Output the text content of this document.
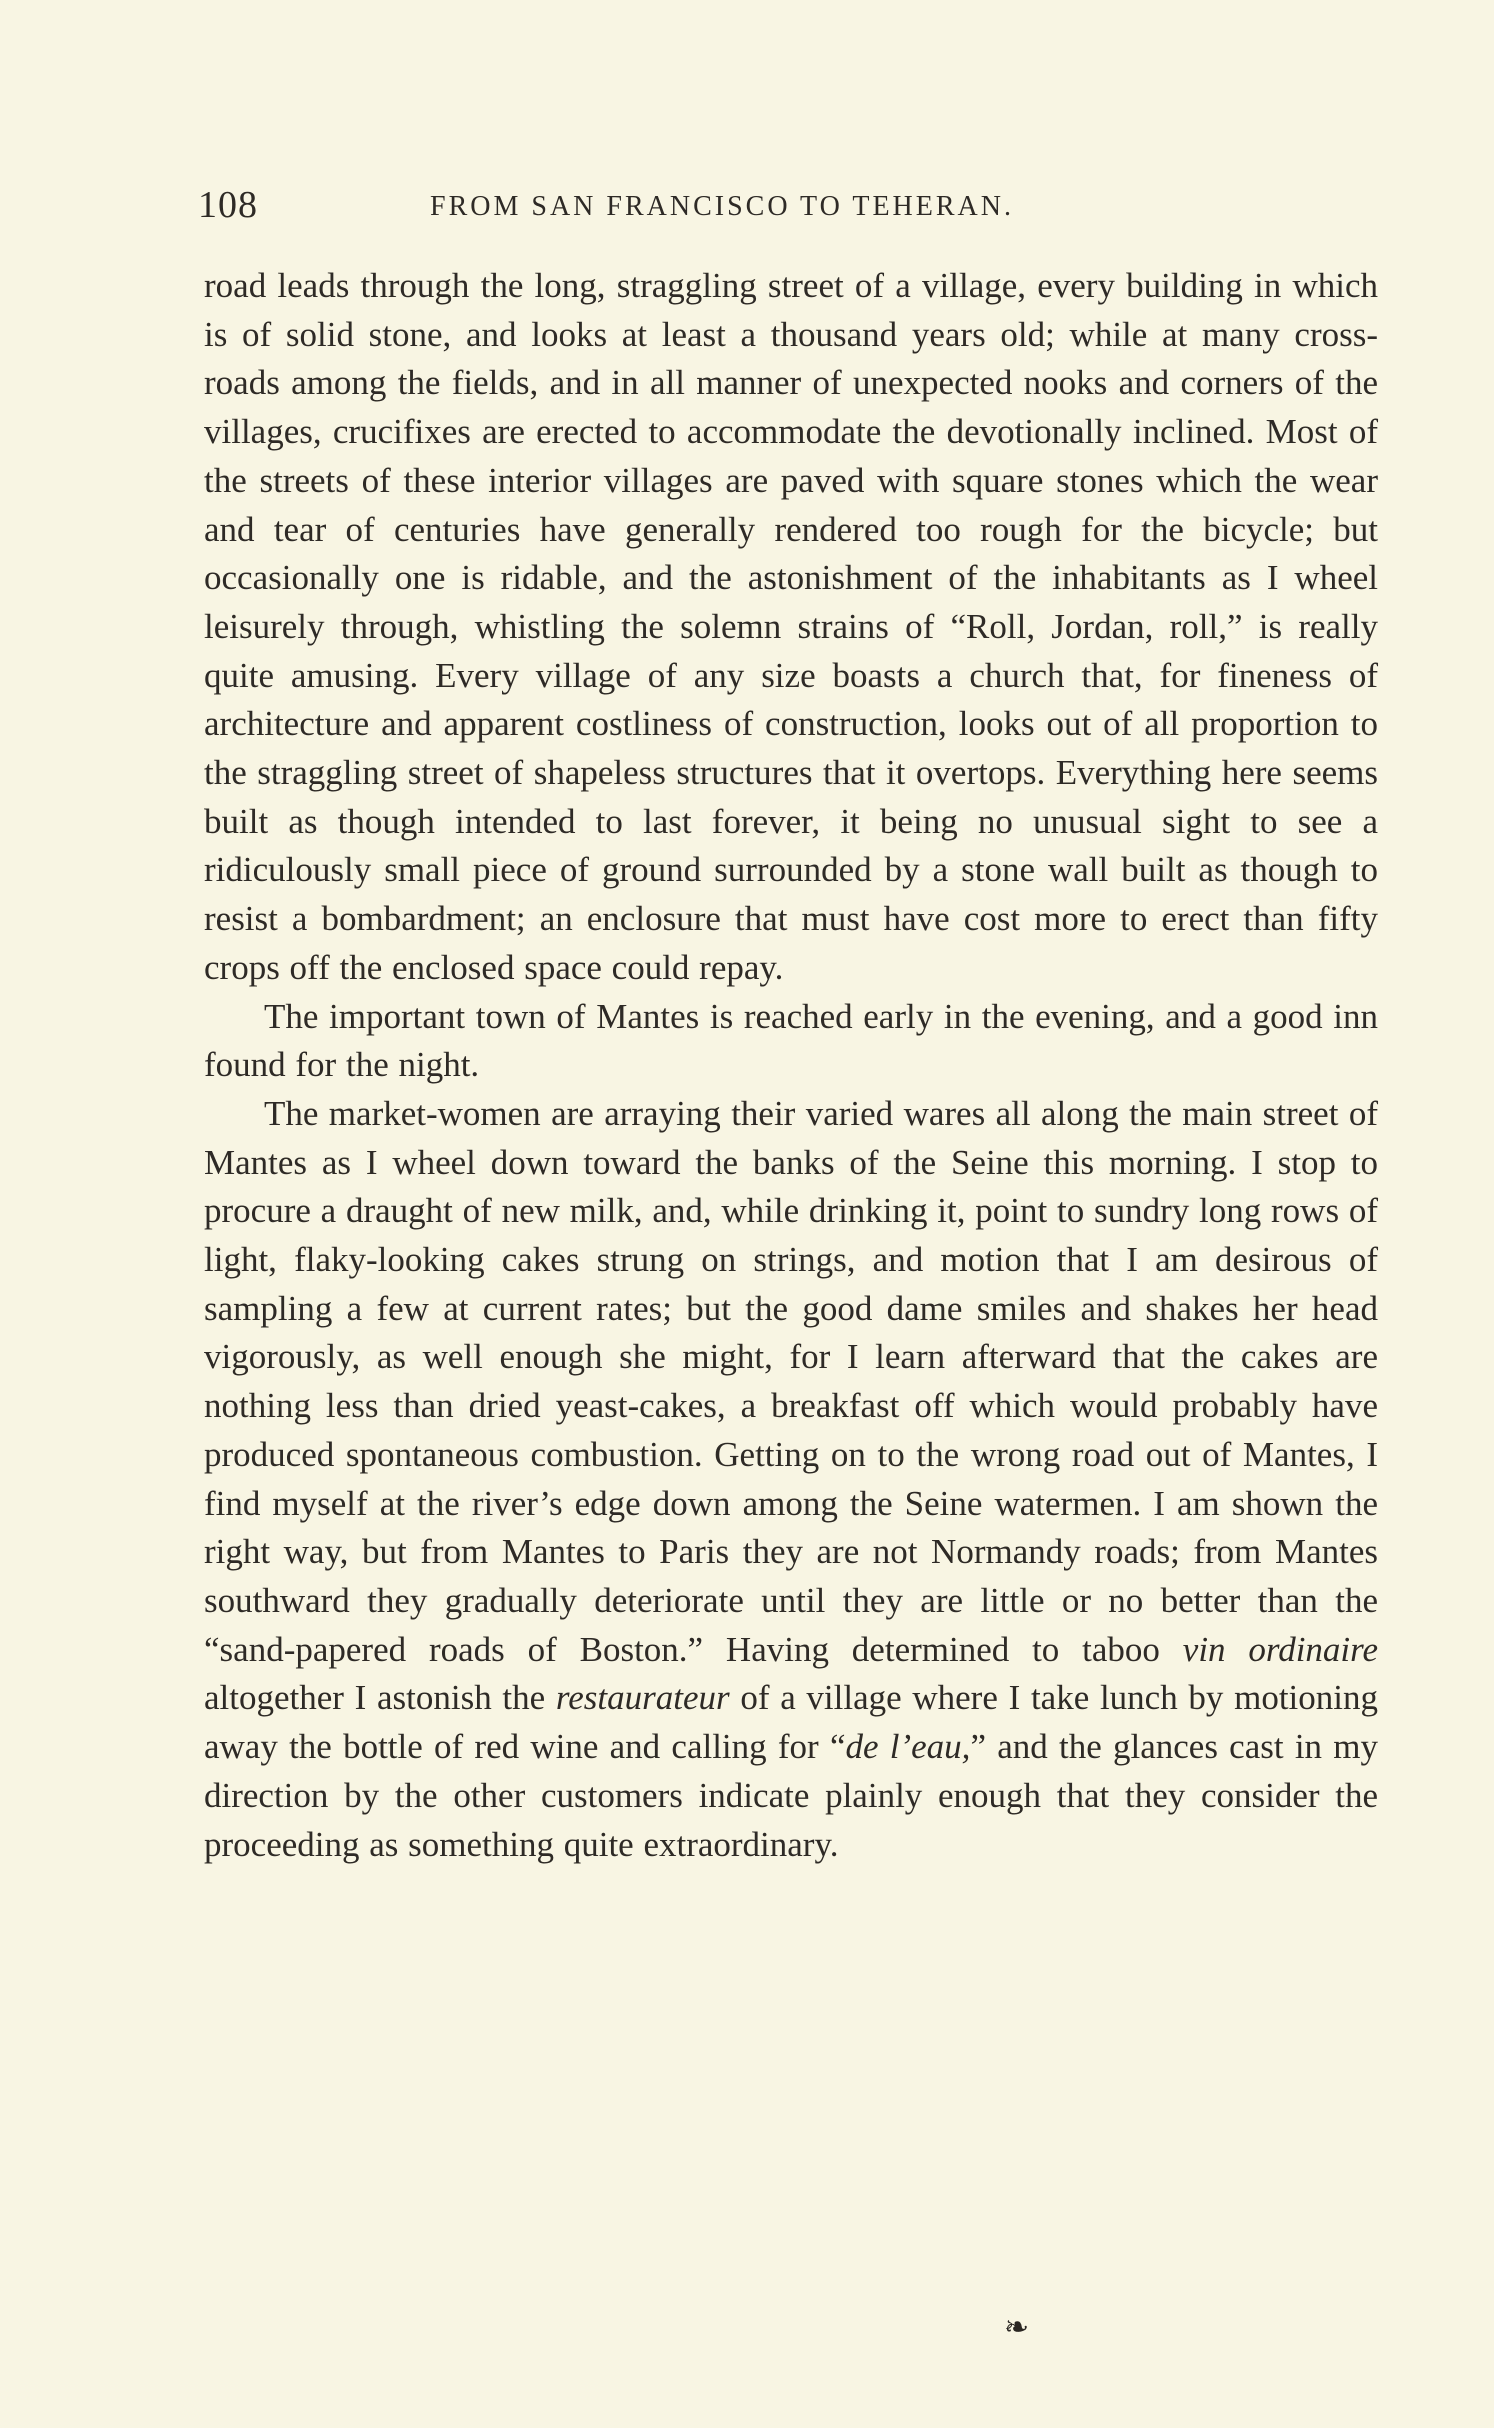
108	FROM SAN FRANCISCO TO TEHERAN.

road leads through the long, straggling street of a village, every building in which is of solid stone, and looks at least a thousand years old; while at many cross-roads among the fields, and in all manner of unexpected nooks and corners of the villages, crucifixes are erected to accommodate the devotionally inclined. Most of the streets of these interior villages are paved with square stones which the wear and tear of centuries have generally rendered too rough for the bicycle; but occasionally one is ridable, and the astonishment of the inhabitants as I wheel leisurely through, whistling the solemn strains of “Roll, Jordan, roll,” is really quite amusing. Every village of any size boasts a church that, for fineness of architecture and apparent costliness of construction, looks out of all proportion to the straggling street of shapeless structures that it overtops. Everything here seems built as though intended to last forever, it being no unusual sight to see a ridiculously small piece of ground surrounded by a stone wall built as though to resist a bombardment; an enclosure that must have cost more to erect than fifty crops off the enclosed space could repay.

The important town of Mantes is reached early in the evening, and a good inn found for the night.

The market-women are arraying their varied wares all along the main street of Mantes as I wheel down toward the banks of the Seine this morning. I stop to procure a draught of new milk, and, while drinking it, point to sundry long rows of light, flaky-looking cakes strung on strings, and motion that I am desirous of sampling a few at current rates; but the good dame smiles and shakes her head vigorously, as well enough she might, for I learn afterward that the cakes are nothing less than dried yeast-cakes, a breakfast off which would probably have produced spontaneous combustion. Getting on to the wrong road out of Mantes, I find myself at the river’s edge down among the Seine watermen. I am shown the right way, but from Mantes to Paris they are not Normandy roads; from Mantes southward they gradually deteriorate until they are little or no better than the “sand-papered roads of Boston.” Having determined to taboo vin ordinaire altogether I astonish the restaurateur of a village where I take lunch by motioning away the bottle of red wine and calling for “de l’eau,” and the glances cast in my direction by the other customers indicate plainly enough that they consider the proceeding as something quite extraordinary.

❧
